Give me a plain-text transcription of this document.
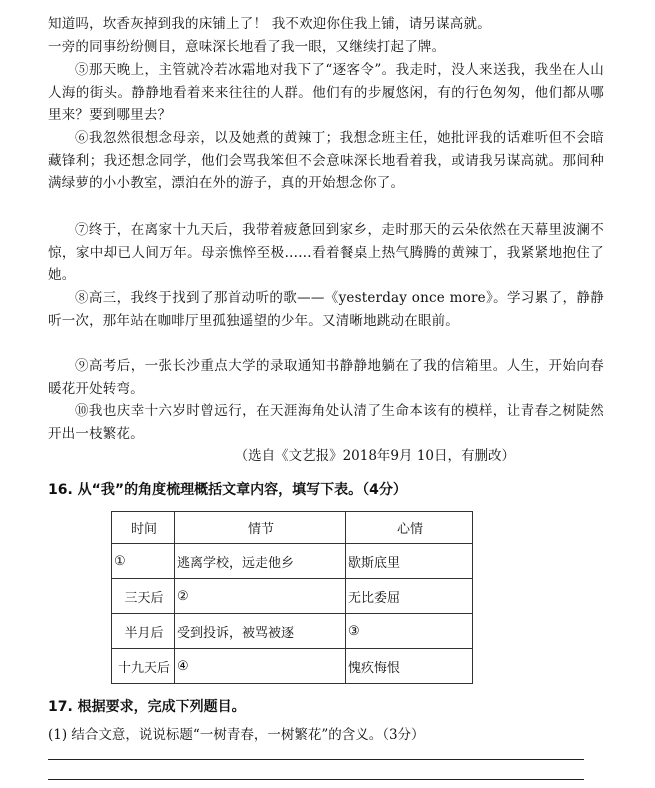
知道吗，坎香灰掉到我的床铺上了！ 我不欢迎你住我上铺，请另谋高就。

一旁的同事纷纷侧目，意味深长地看了我一眼，又继续打起了牌。

⑤那天晚上，主管就冷若冰霜地对我下了“逐客令”。我走时，没人来送我，我坐在人山人海的街头。静静地看着来来往往的人群。他们有的步履悠闲，有的行色匆匆，他们都从哪里来？要到哪里去？

⑥我忽然很想念母亲，以及她煮的黄辣丁；我想念班主任，她批评我的话难听但不会暗藏锋利；我还想念同学，他们会骂我笨但不会意味深长地看着我，或请我另谋高就。那间种满绿萝的小小教室，漂泊在外的游子，真的开始想念你了。

⑦终于，在离家十九天后，我带着疲惫回到家乡，走时那天的云朵依然在天幕里波澜不惊，家中却已人间万年。母亲憔悴至极……看着餐桌上热气腾腾的黄辣丁，我紧紧地抱住了她。

⑧高三，我终于找到了那首动听的歌——《yesterday once more》。学习累了，静静听一次，那年站在咖啡厅里孤独遥望的少年。又清晰地跳动在眼前。

⑨高考后，一张长沙重点大学的录取通知书静静地躺在了我的信箱里。人生，开始向春暖花开处转弯。

⑩我也庆幸十六岁时曾远行，在天涯海角处认清了生命本该有的模样，让青春之树陡然开出一枝繁花。

（选自《文艺报》2018年9月 10日，有删改）

16. 从“我”的角度梳理概括文章内容，填写下表。（4分）

时间	情节	心情
①	逃离学校，远走他乡	歇斯底里
三天后	②	无比委屈
半月后	受到投诉，被骂被逐	③
十九天后	④	愧疚悔恨

17. 根据要求，完成下列题目。

(1) 结合文意，说说标题“一树青春，一树繁花”的含义。（3分）
